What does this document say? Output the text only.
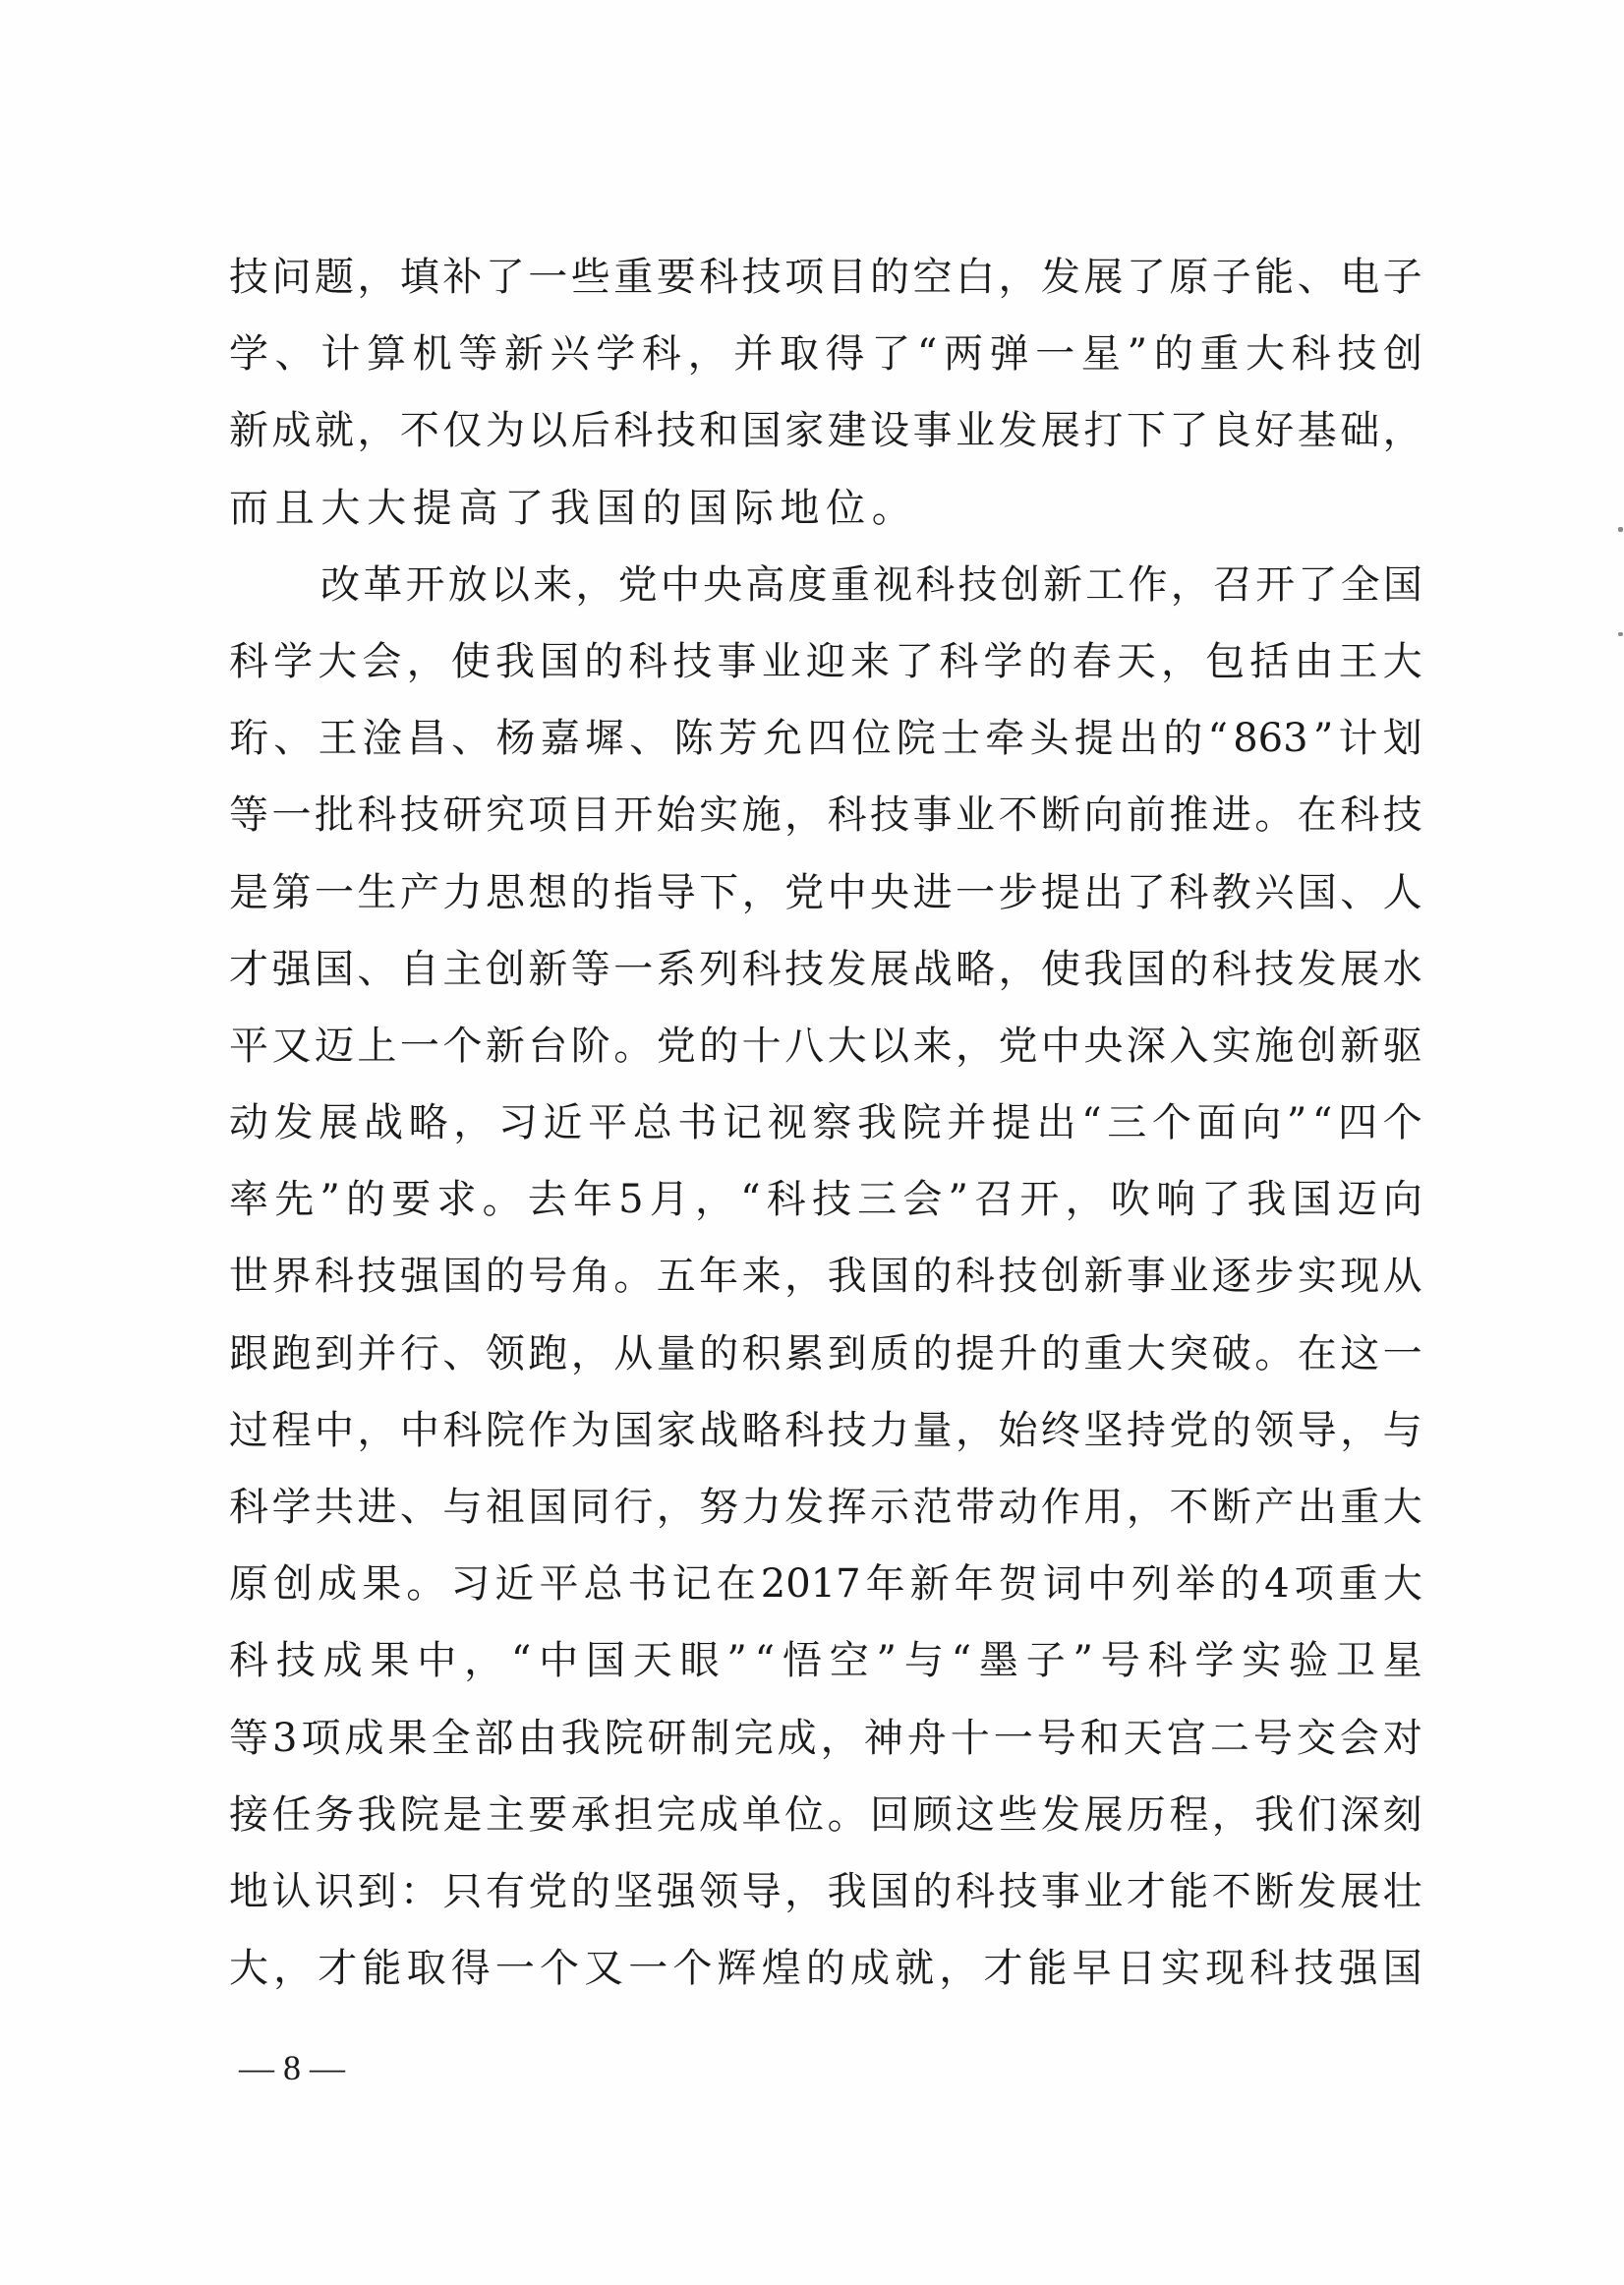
技 问 题 ， 填 补 了 一 些 重 要 科 技 项 目 的 空 白 ， 发 展 了 原 子 能 、 电 子
学 、 计 算 机 等 新 兴 学 科 ， 并 取 得 了 “ 两 弹 一 星 ” 的 重 大 科 技 创
新 成 就 ， 不 仅 为 以 后 科 技 和 国 家 建 设 事 业 发 展 打 下 了 良 好 基 础 ，
而且大大提高了我国的国际地位。
改 革 开 放 以 来 ， 党 中 央 高 度 重 视 科 技 创 新 工 作 ， 召 开 了 全 国
科 学 大 会 ， 使 我 国 的 科 技 事 业 迎 来 了 科 学 的 春 天 ， 包 括 由 王 大
珩 、 王 淦 昌 、 杨 嘉 墀 、 陈 芳 允 四 位 院 士 牵 头 提 出 的 “ 863 ” 计 划
等 一 批 科 技 研 究 项 目 开 始 实 施 ， 科 技 事 业 不 断 向 前 推 进 。 在 科 技
是 第 一 生 产 力 思 想 的 指 导 下 ， 党 中 央 进 一 步 提 出 了 科 教 兴 国 、 人
才 强 国 、 自 主 创 新 等 一 系 列 科 技 发 展 战 略 ， 使 我 国 的 科 技 发 展 水
平 又 迈 上 一 个 新 台 阶 。 党 的 十 八 大 以 来 ， 党 中 央 深 入 实 施 创 新 驱
动 发 展 战 略 ， 习 近 平 总 书 记 视 察 我 院 并 提 出 “ 三 个 面 向 ” “ 四 个
率 先 ” 的 要 求 。 去 年 5 月 ， “ 科 技 三 会 ” 召 开 ， 吹 响 了 我 国 迈 向
世 界 科 技 强 国 的 号 角 。 五 年 来 ， 我 国 的 科 技 创 新 事 业 逐 步 实 现 从
跟 跑 到 并 行 、 领 跑 ， 从 量 的 积 累 到 质 的 提 升 的 重 大 突 破 。 在 这 一
过 程 中 ， 中 科 院 作 为 国 家 战 略 科 技 力 量 ， 始 终 坚 持 党 的 领 导 ， 与
科 学 共 进 、 与 祖 国 同 行 ， 努 力 发 挥 示 范 带 动 作 用 ， 不 断 产 出 重 大
原 创 成 果 。 习 近 平 总 书 记 在 2017 年 新 年 贺 词 中 列 举 的 4 项 重 大
科 技 成 果 中 ， “ 中 国 天 眼 ” “ 悟 空 ” 与 “ 墨 子 ” 号 科 学 实 验 卫 星
等 3 项 成 果 全 部 由 我 院 研 制 完 成 ， 神 舟 十 一 号 和 天 宫 二 号 交 会 对
接 任 务 我 院 是 主 要 承 担 完 成 单 位 。 回 顾 这 些 发 展 历 程 ， 我 们 深 刻
地 认 识 到 ： 只 有 党 的 坚 强 领 导 ， 我 国 的 科 技 事 业 才 能 不 断 发 展 壮
大 ， 才 能 取 得 一 个 又 一 个 辉 煌 的 成 就 ， 才 能 早 日 实 现 科 技 强 国
— 8 —
